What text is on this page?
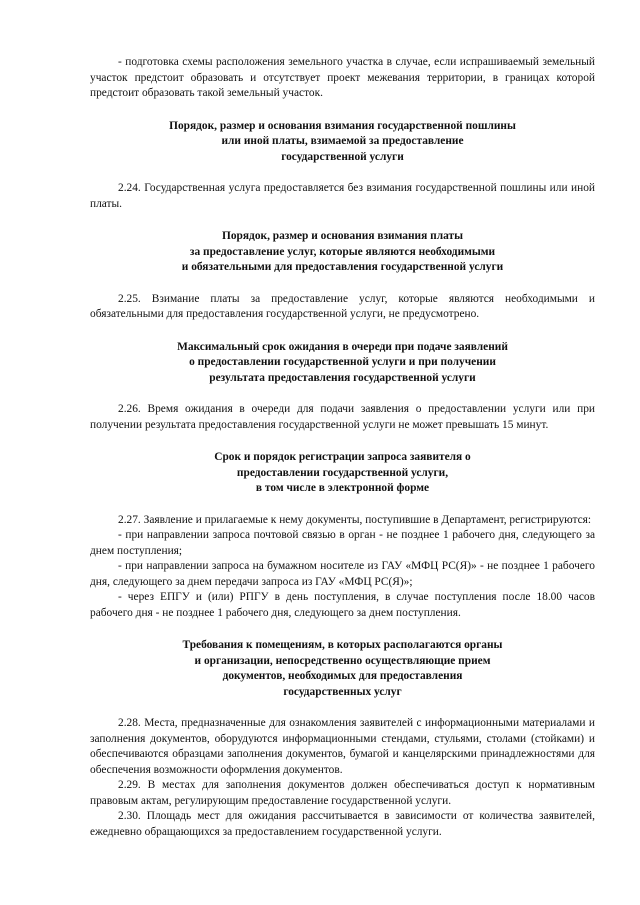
- подготовка схемы расположения земельного участка в случае, если испрашиваемый земельный участок предстоит образовать и отсутствует проект межевания территории, в границах которой предстоит образовать такой земельный участок.

Порядок, размер и основания взимания государственной пошлины
или иной платы, взимаемой за предоставление
государственной услуги

2.24. Государственная услуга предоставляется без взимания государственной пошлины или иной платы.

Порядок, размер и основания взимания платы
за предоставление услуг, которые являются необходимыми
и обязательными для предоставления государственной услуги

2.25. Взимание платы за предоставление услуг, которые являются необходимыми и обязательными для предоставления государственной услуги, не предусмотрено.

Максимальный срок ожидания в очереди при подаче заявлений
о предоставлении государственной услуги и при получении
результата предоставления государственной услуги

2.26. Время ожидания в очереди для подачи заявления о предоставлении услуги или при получении результата предоставления государственной услуги не может превышать 15 минут.

Срок и порядок регистрации запроса заявителя о
предоставлении государственной услуги,
в том числе в электронной форме

2.27. Заявление и прилагаемые к нему документы, поступившие в Департамент, регистрируются:

- при направлении запроса почтовой связью в орган - не позднее 1 рабочего дня, следующего за днем поступления;

- при направлении запроса на бумажном носителе из ГАУ «МФЦ РС(Я)» - не позднее 1 рабочего дня, следующего за днем передачи запроса из ГАУ «МФЦ РС(Я)»;

- через ЕПГУ и (или) РПГУ в день поступления, в случае поступления после 18.00 часов рабочего дня - не позднее 1 рабочего дня, следующего за днем поступления.

Требования к помещениям, в которых располагаются органы
и организации, непосредственно осуществляющие прием
документов, необходимых для предоставления
государственных услуг

2.28. Места, предназначенные для ознакомления заявителей с информационными материалами и заполнения документов, оборудуются информационными стендами, стульями, столами (стойками) и обеспечиваются образцами заполнения документов, бумагой и канцелярскими принадлежностями для обеспечения возможности оформления документов.

2.29. В местах для заполнения документов должен обеспечиваться доступ к нормативным правовым актам, регулирующим предоставление государственной услуги.

2.30. Площадь мест для ожидания рассчитывается в зависимости от количества заявителей, ежедневно обращающихся за предоставлением государственной услуги.
